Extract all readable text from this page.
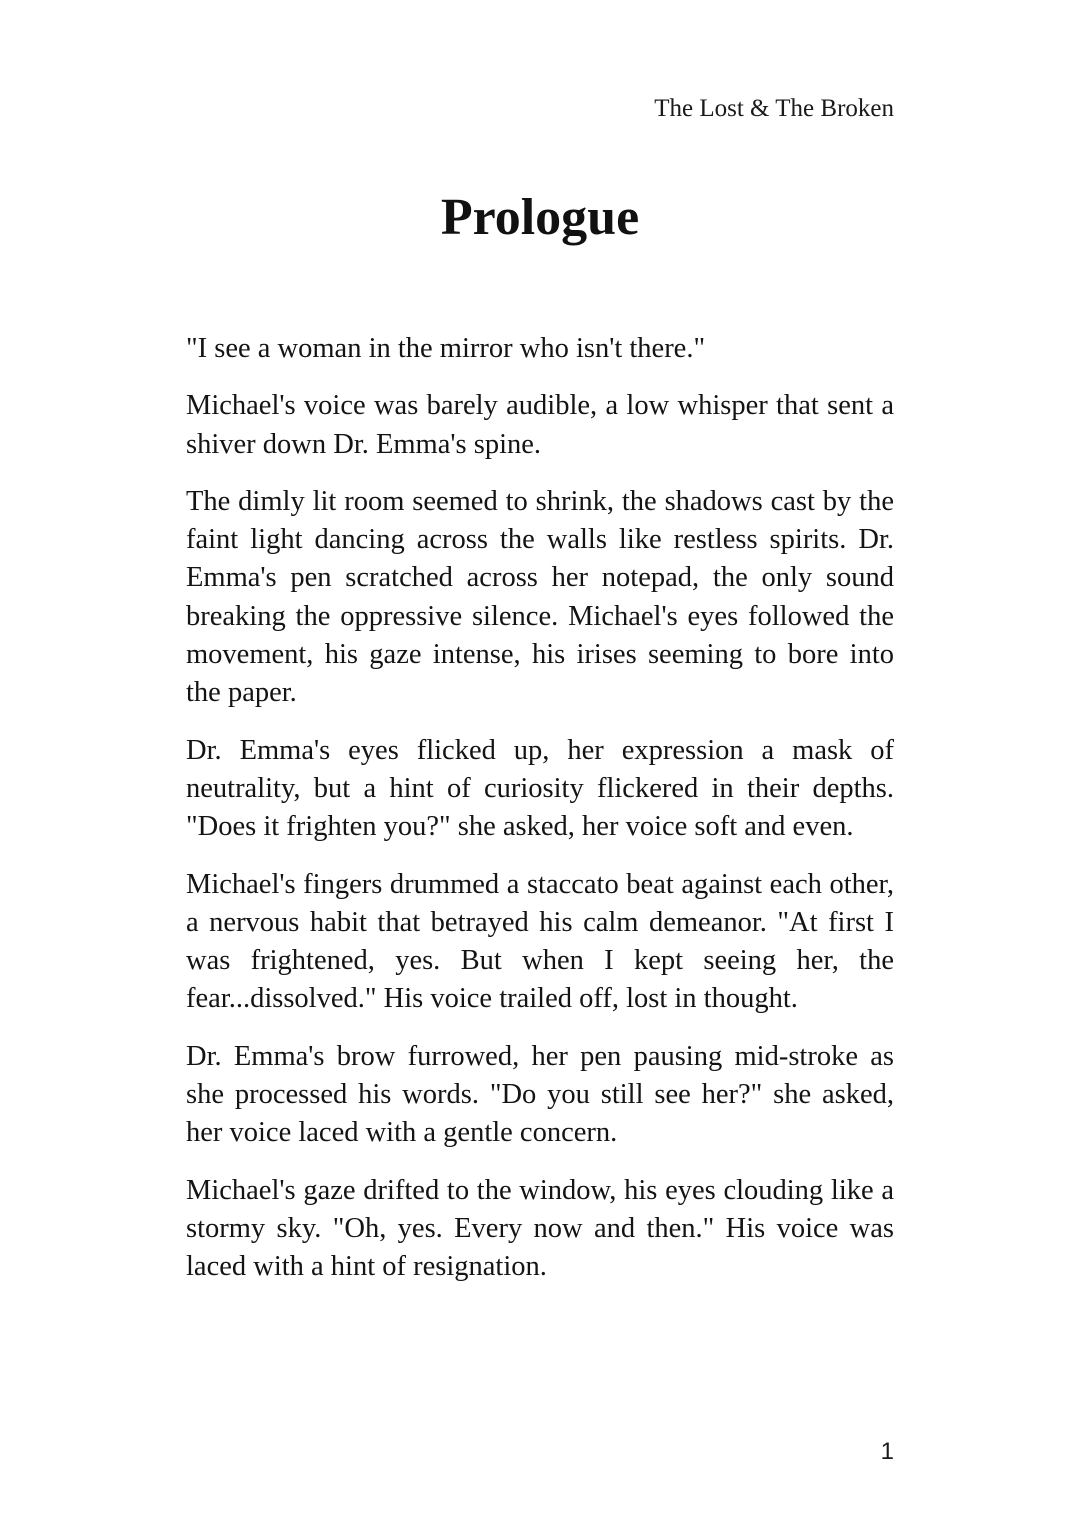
The Lost & The Broken
Prologue

"I see a woman in the mirror who isn't there."

Michael's voice was barely audible, a low whisper that sent a shiver down Dr. Emma's spine.

The dimly lit room seemed to shrink, the shadows cast by the faint light dancing across the walls like restless spirits. Dr. Emma's pen scratched across her notepad, the only sound breaking the oppressive silence. Michael's eyes followed the movement, his gaze intense, his irises seeming to bore into the paper.

Dr. Emma's eyes flicked up, her expression a mask of neutrality, but a hint of curiosity flickered in their depths. "Does it frighten you?" she asked, her voice soft and even.

Michael's fingers drummed a staccato beat against each other, a nervous habit that betrayed his calm demeanor. "At first I was frightened, yes. But when I kept seeing her, the fear...dissolved." His voice trailed off, lost in thought.

Dr. Emma's brow furrowed, her pen pausing mid-stroke as she processed his words. "Do you still see her?" she asked, her voice laced with a gentle concern.

Michael's gaze drifted to the window, his eyes clouding like a stormy sky. "Oh, yes. Every now and then." His voice was laced with a hint of resignation.

1
